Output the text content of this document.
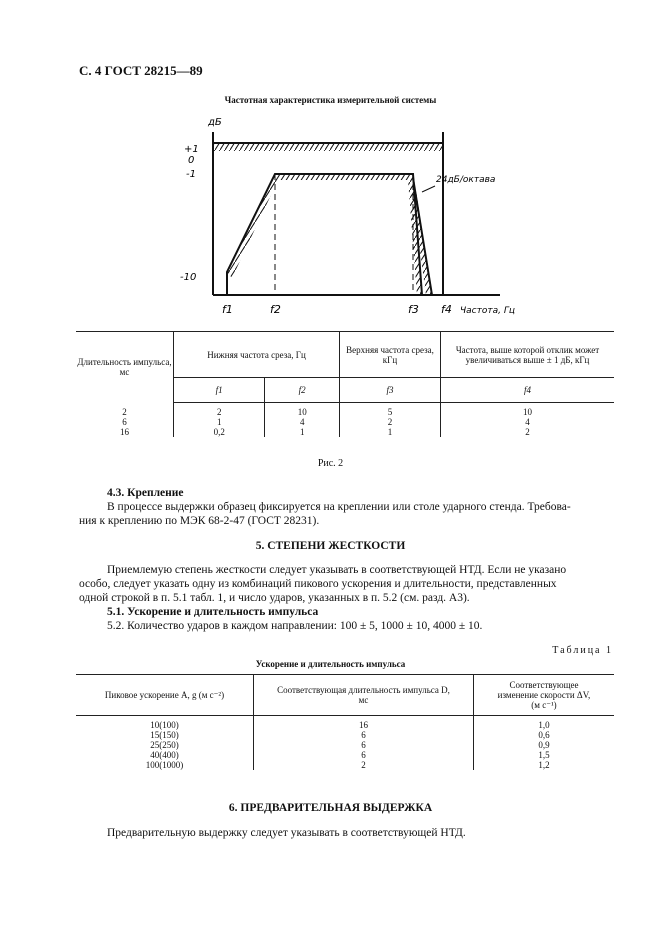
С. 4 ГОСТ 28215—89
Частотная характеристика измерительной системы
дБ
+1
0
-1
-10
f1	f2	f3 f4 Частота, Гц
24дБ/октава
Длительность импульса, мс	Нижняя частота среза, Гц		Верхняя частота среза, кГц	Частота, выше которой отклик может увеличиваться выше ± 1 дБ, кГц
	f1	f2	f3	f4
2	2	10	5	10
6	1	4	2	4
16	0,2	1	1	2
Рис. 2
4.3. Крепление
В процессе выдержки образец фиксируется на креплении или столе ударного стенда. Требова-
ния к креплению по МЭК 68-2-47 (ГОСТ 28231).
5. СТЕПЕНИ ЖЕСТКОСТИ
Приемлемую степень жесткости следует указывать в соответствующей НТД. Если не указано
особо, следует указать одну из комбинаций пикового ускорения и длительности, представленных
одной строкой в п. 5.1 табл. 1, и число ударов, указанных в п. 5.2 (см. разд. А3).
5.1. Ускорение и длительность импульса
5.2. Количество ударов в каждом направлении: 100 ± 5, 1000 ± 10, 4000 ± 10.
Таблица 1
Ускорение и длительность импульса
Пиковое ускорение A, g (м с⁻²)	Соответствующая длительность импульса D, мс	Соответствующее изменение скорости ΔV, (м с⁻¹)
10(100)	16	1,0
15(150)	6	0,6
25(250)	6	0,9
40(400)	6	1,5
100(1000)	2	1,2
6. ПРЕДВАРИТЕЛЬНАЯ ВЫДЕРЖКА
Предварительную выдержку следует указывать в соответствующей НТД.
